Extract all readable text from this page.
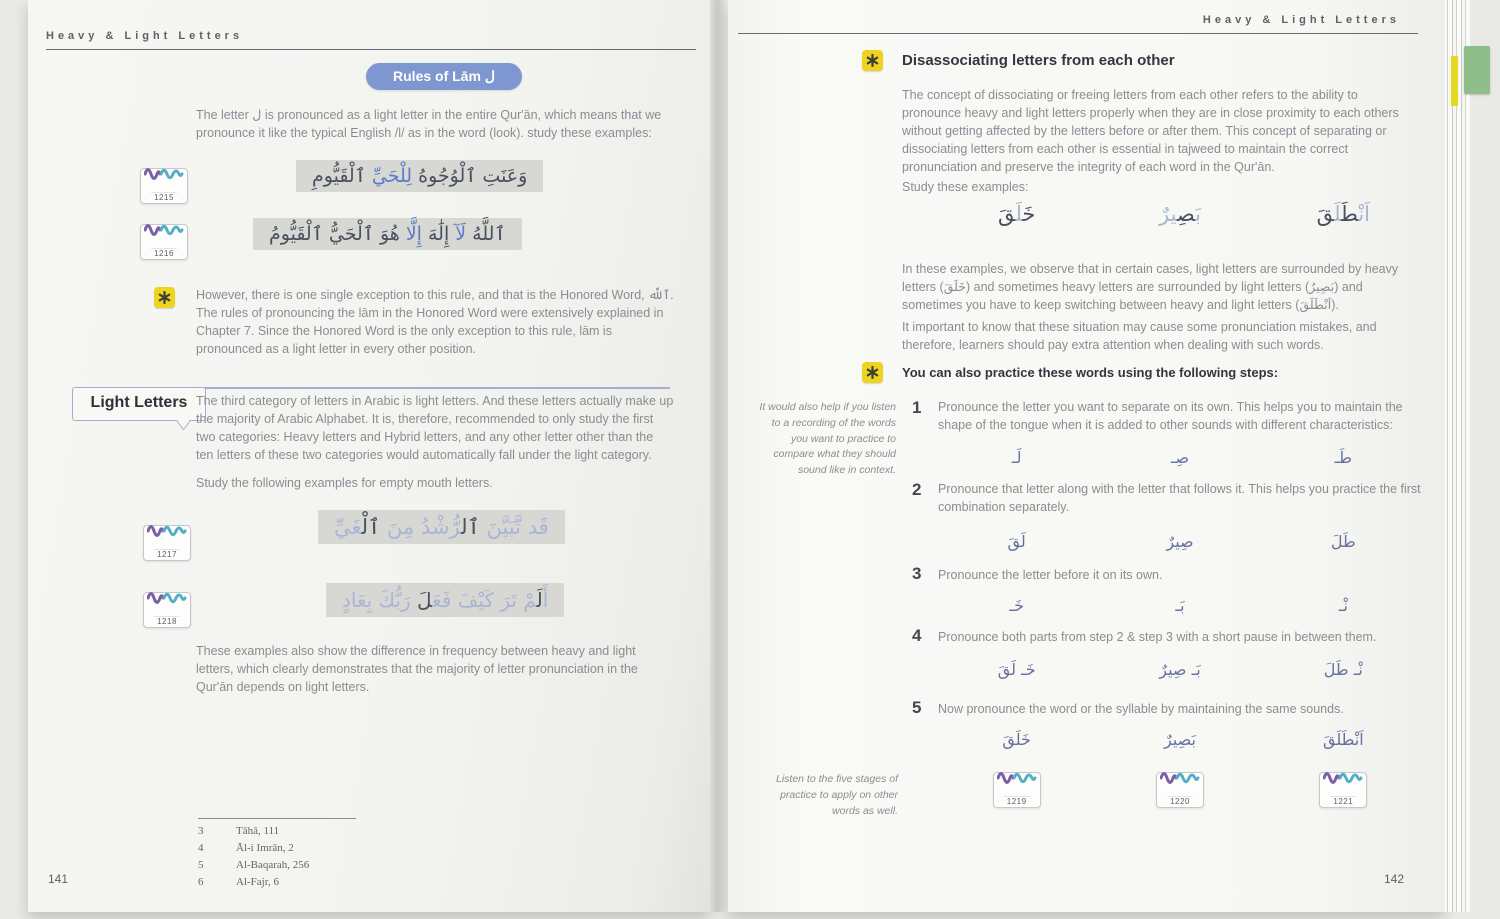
Heavy & Light Letters
Rules of Lām ل
The letter ل is pronounced as a light letter in the entire Qur'ān, which means that we pronounce it like the typical English /l/ as in the word (look). study these examples:
1215
وَعَنَتِ ٱلْوُجُوهُ لِلْحَيِّ ٱلْقَيُّومِ
1216
ٱللَّهُ لَآ إِلَٰهَ إِلَّا هُوَ ٱلْحَيُّ ٱلْقَيُّومُ
However, there is one single exception to this rule, and that is the Honored Word, ٱللَّه. The rules of pronouncing the lām in the Honored Word were extensively explained in Chapter 7. Since the Honored Word is the only exception to this rule, lām is pronounced as a light letter in every other position.
Light Letters The third category of letters in Arabic is light letters. And these letters actually make up the majority of Arabic Alphabet. It is, therefore, recommended to only study the first two categories: Heavy letters and Hybrid letters, and any other letter other than the ten letters of these two categories would automatically fall under the light category.
Study the following examples for empty mouth letters.
1217
قَد تَّبَيَّنَ ٱلرُّشْدُ مِنَ ٱلْغَيِّ
1218
أَلَمْ تَرَ كَيْفَ فَعَلَ رَبُّكَ بِعَادٍ
These examples also show the difference in frequency between heavy and light letters, which clearly demonstrates that the majority of letter pronunciation in the Qur'ān depends on light letters.
3	Tāhā, 111
4	Āl-i Imrān, 2
5	Al-Baqarah, 256
6	Al-Fajr, 6
141
Heavy & Light Letters
Disassociating letters from each other
The concept of dissociating or freeing letters from each other refers to the ability to pronounce heavy and light letters properly when they are in close proximity to each others without getting affected by the letters before or after them. This concept of separating or dissociating letters from each other is essential in tajweed to maintain the correct pronunciation and preserve the integrity of each word in the Qur'ān.
Study these examples:
خَلَقَ	بَصِيرٌ	اَنْطَلَقَ
In these examples, we observe that in certain cases, light letters are surrounded by heavy letters (خَلَقَ) and sometimes heavy letters are surrounded by light letters (بَصِيرٌ) and sometimes you have to keep switching between heavy and light letters (اَنْطَلَقَ).
It important to know that these situation may cause some pronunciation mistakes, and therefore, learners should pay extra attention when dealing with such words.
You can also practice these words using the following steps:
It would also help if you listen to a recording of the words you want to practice to compare what they should sound like in context.
1 Pronounce the letter you want to separate on its own. This helps you to maintain the shape of the tongue when it is added to other sounds with different characteristics:
لَـ	صِـ	طَـ
2 Pronounce that letter along with the letter that follows it. This helps you practice the first combination separately.
لَقَ	صِيرٌ	طَلَ
3 Pronounce the letter before it on its own.
خَـ	بَـ	نْـ
4 Pronounce both parts from step 2 & step 3 with a short pause in between them.
خَـ لَقَ	بَـ صِيرٌ	نْـ طَلَ
5 Now pronounce the word or the syllable by maintaining the same sounds.
خَلَقَ	بَصِيرٌ	اَنْطَلَقَ
Listen to the five stages of practice to apply on other words as well.
1219	1220	1221
142
